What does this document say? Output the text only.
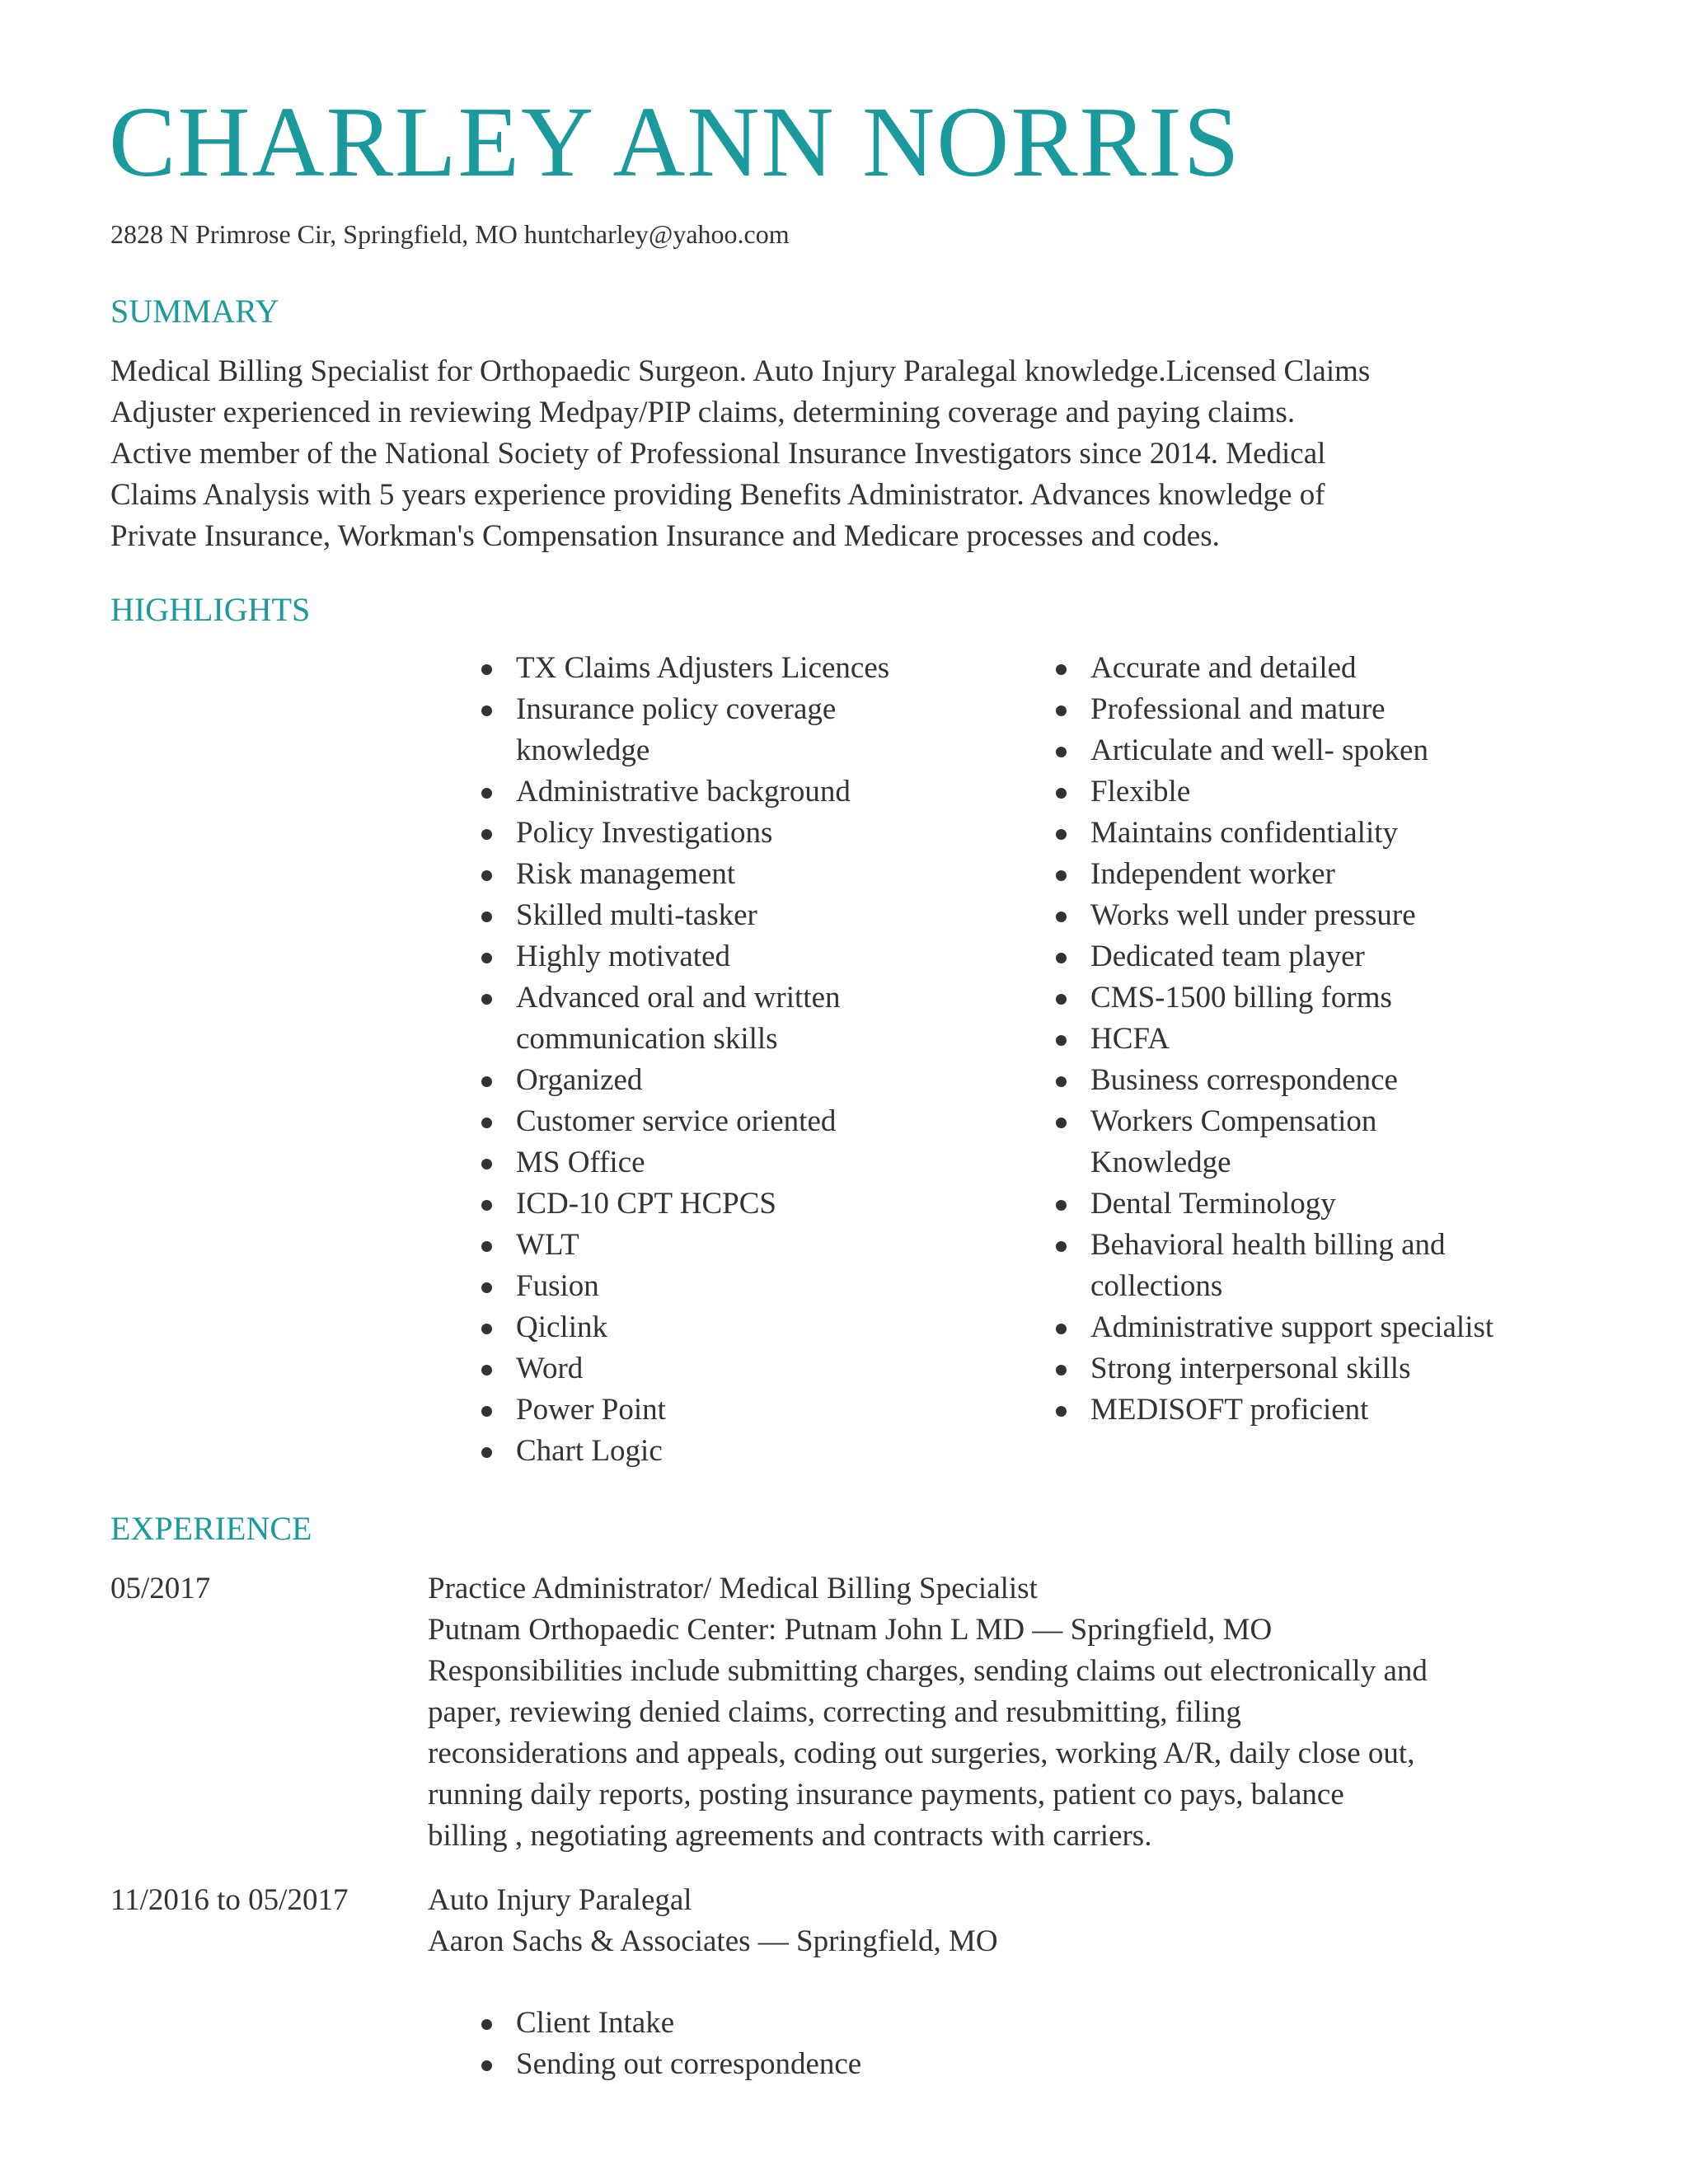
CHARLEY ANN NORRIS
2828 N Primrose Cir, Springfield, MO huntcharley@yahoo.com
SUMMARY
Medical Billing Specialist for Orthopaedic Surgeon. Auto Injury Paralegal knowledge.Licensed Claims
Adjuster experienced in reviewing Medpay/PIP claims, determining coverage and paying claims.
Active member of the National Society of Professional Insurance Investigators since 2014. Medical
Claims Analysis with 5 years experience providing Benefits Administrator. Advances knowledge of
Private Insurance, Workman's Compensation Insurance and Medicare processes and codes.
HIGHLIGHTS
TX Claims Adjusters Licences
Insurance policy coverage
knowledge
Administrative background
Policy Investigations
Risk management
Skilled multi-tasker
Highly motivated
Advanced oral and written
communication skills
Organized
Customer service oriented
MS Office
ICD-10 CPT HCPCS
WLT
Fusion
Qiclink
Word
Power Point
Chart Logic
Accurate and detailed
Professional and mature
Articulate and well- spoken
Flexible
Maintains confidentiality
Independent worker
Works well under pressure
Dedicated team player
CMS-1500 billing forms
HCFA
Business correspondence
Workers Compensation
Knowledge
Dental Terminology
Behavioral health billing and
collections
Administrative support specialist
Strong interpersonal skills
MEDISOFT proficient
EXPERIENCE
05/2017	Practice Administrator/ Medical Billing Specialist
Putnam Orthopaedic Center: Putnam John L MD — Springfield, MO
Responsibilities include submitting charges, sending claims out electronically and
paper, reviewing denied claims, correcting and resubmitting, filing
reconsiderations and appeals, coding out surgeries, working A/R, daily close out,
running daily reports, posting insurance payments, patient co pays, balance
billing , negotiating agreements and contracts with carriers.
11/2016 to 05/2017	Auto Injury Paralegal
Aaron Sachs & Associates — Springfield, MO
Client Intake
Sending out correspondence
